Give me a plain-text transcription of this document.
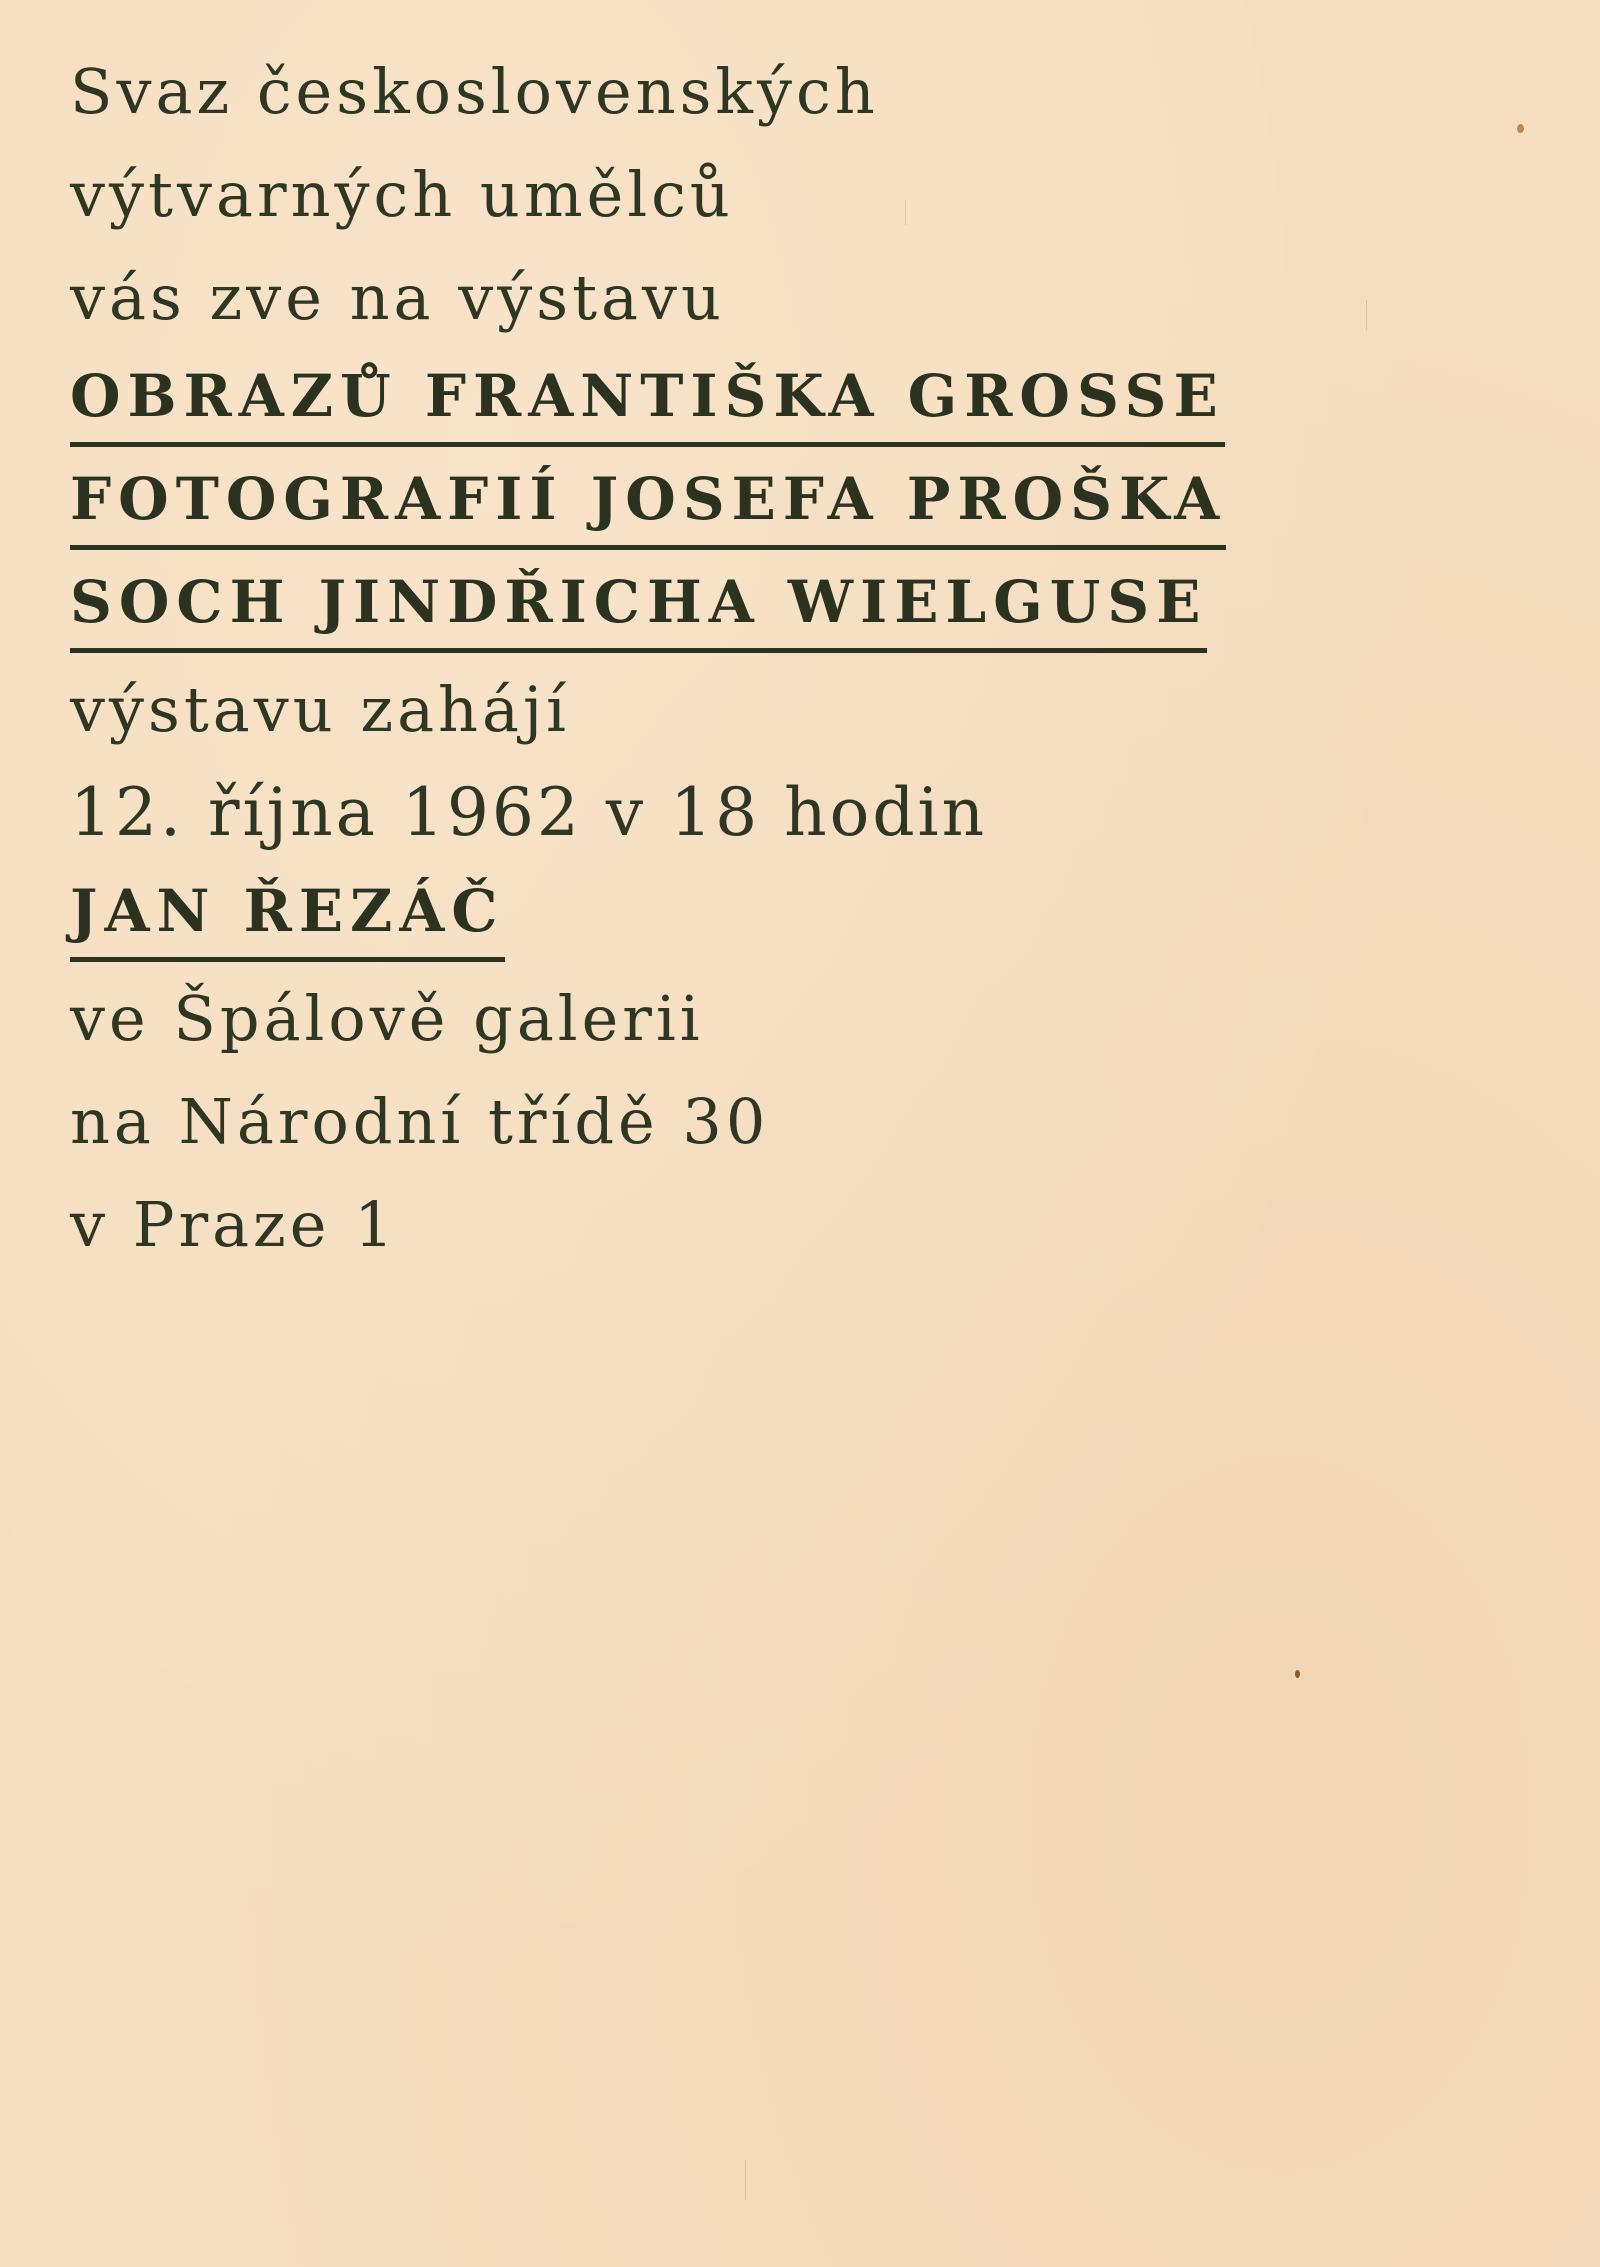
Svaz československých
výtvarných umělců
vás zve na výstavu
OBRAZŮ FRANTIŠKA GROSSE
FOTOGRAFIÍ JOSEFA PROŠKA
SOCH JINDŘICHA WIELGUSE
výstavu zahájí
12. října 1962 v 18 hodin
JAN ŘEZÁČ
ve Špálově galerii
na Národní třídě 30
v Praze 1
